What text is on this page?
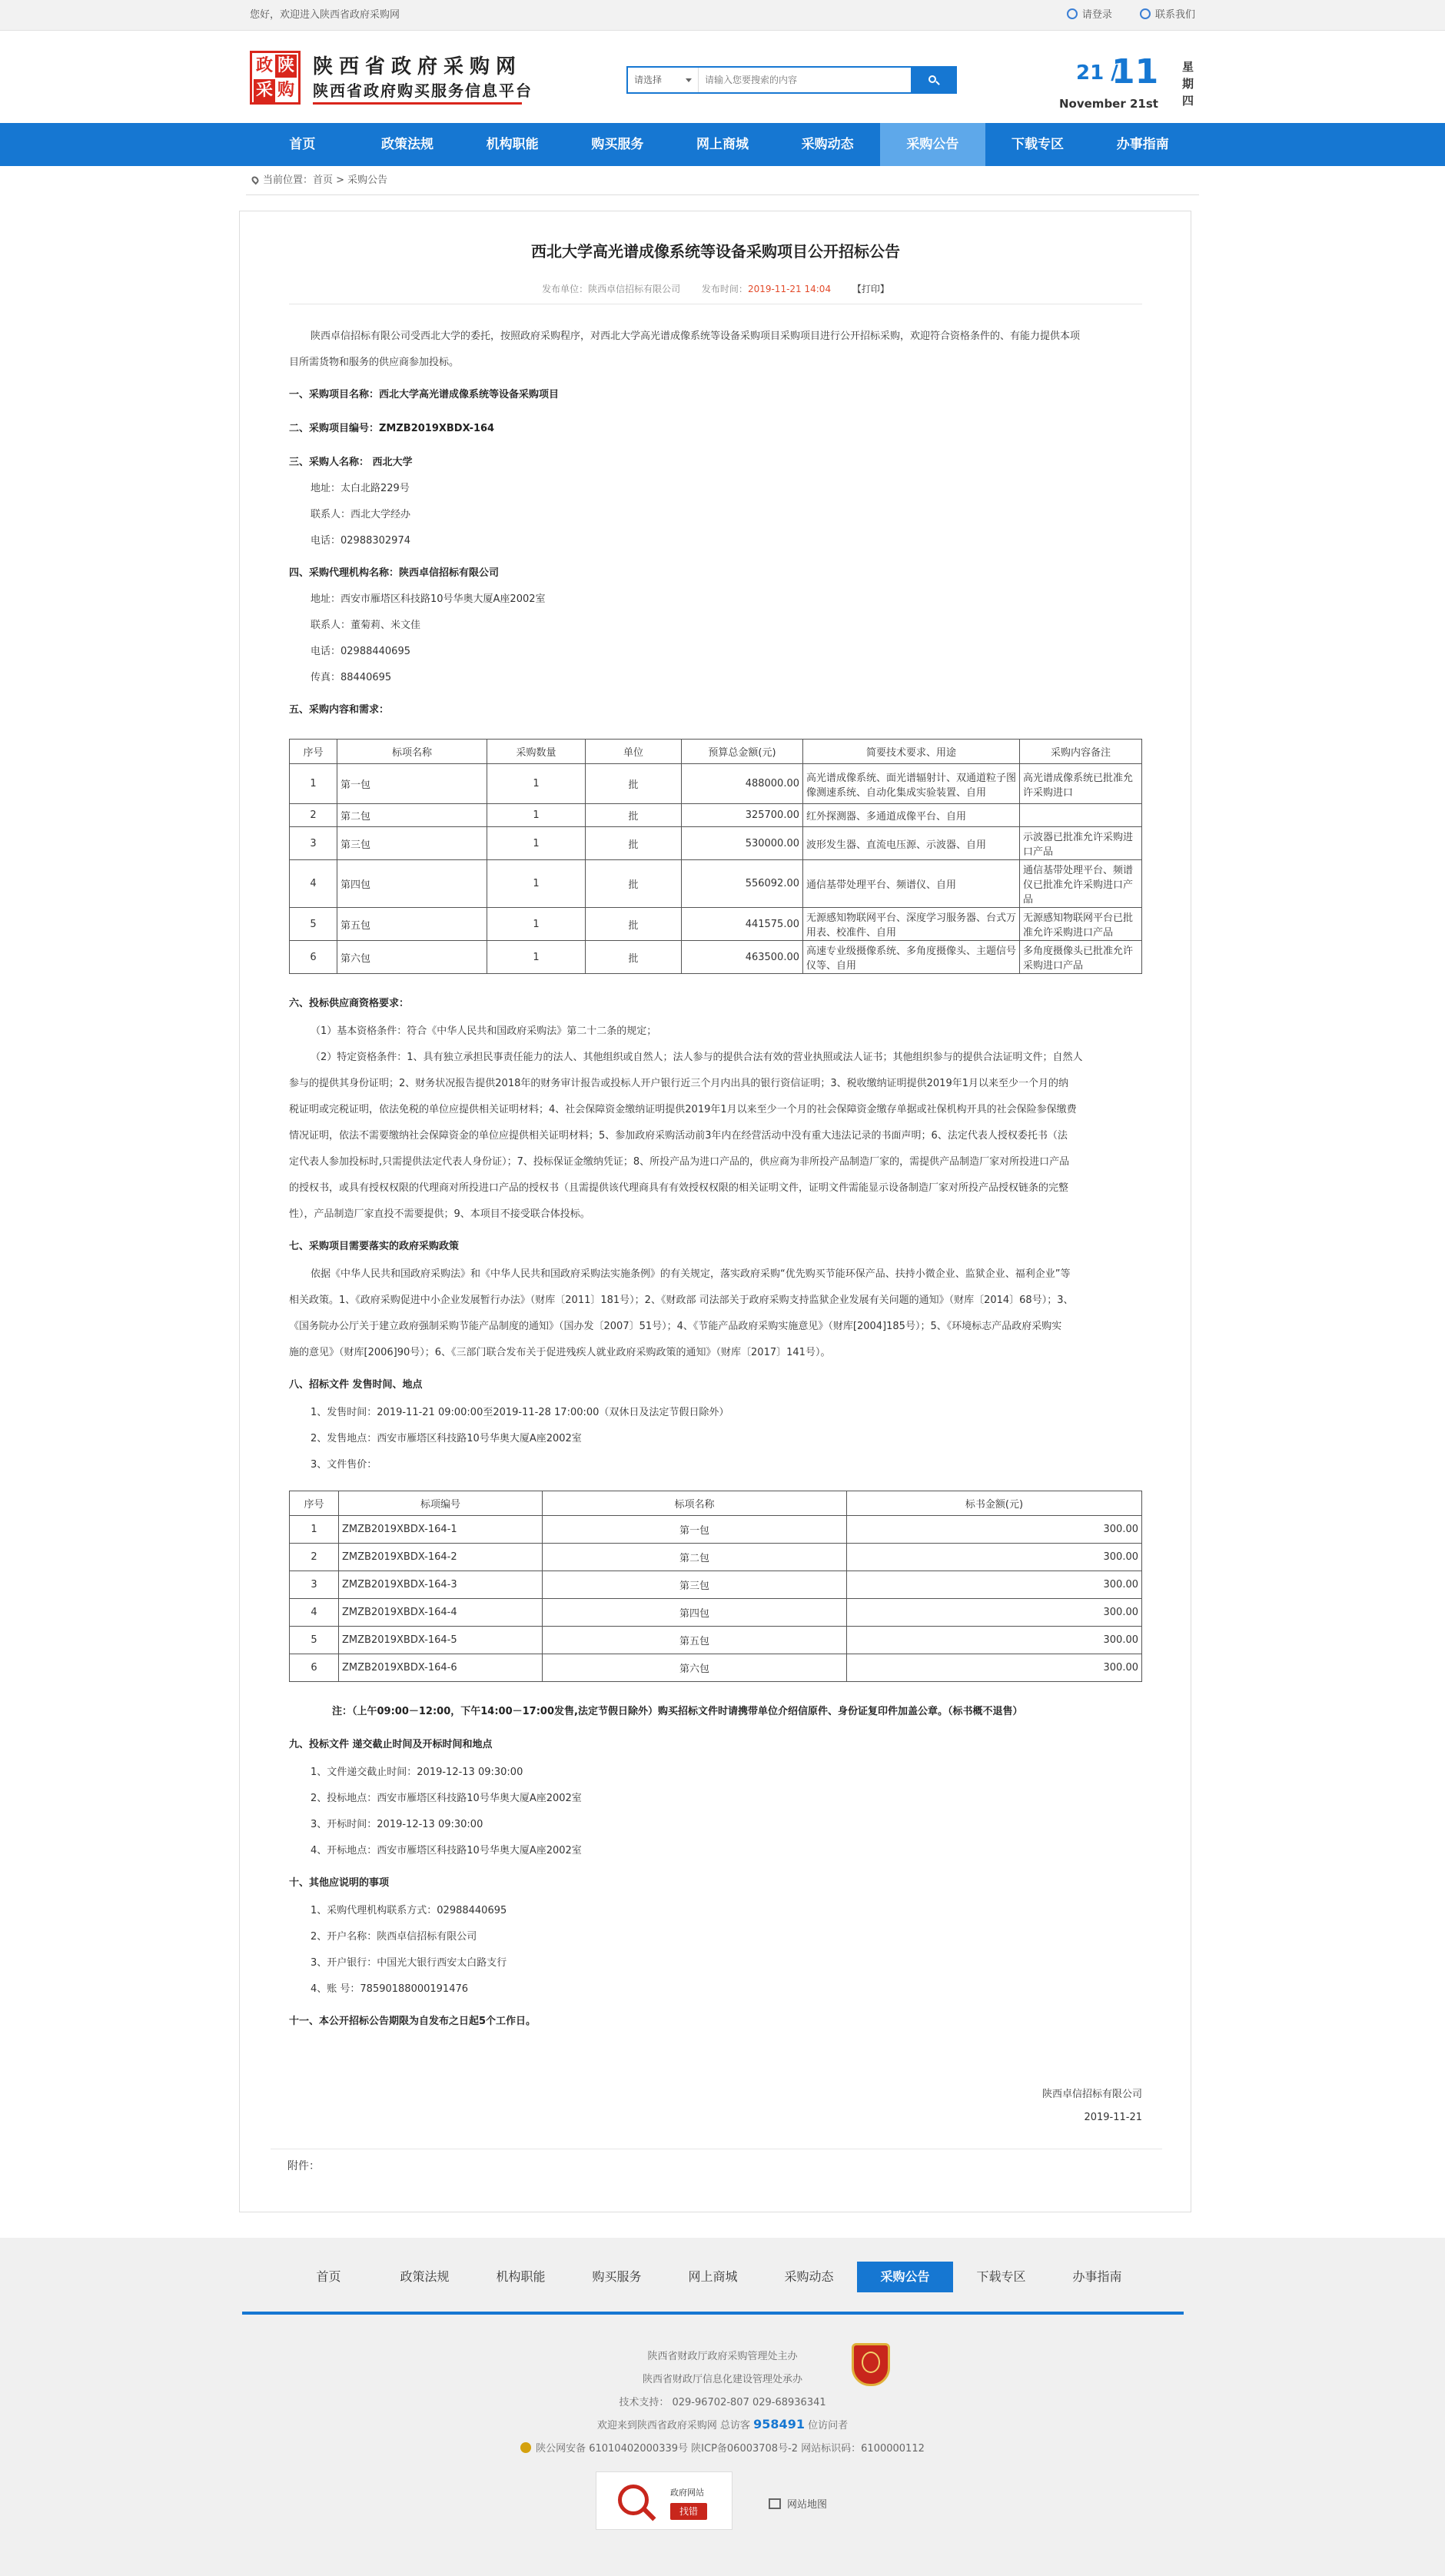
您好，欢迎进入陕西省政府采购网	请登录	联系我们
政 陕
采 购
陕西省政府采购网
陕西省政府购买服务信息平台
请选择
请输入您要搜索的内容	21 /
11
November 21st
星期四
首页	政策法规	机构职能	购买服务	网上商城	采购动态	采购公告	下载专区	办事指南
当前位置：首页 > 采购公告
西北大学高光谱成像系统等设备采购项目公开招标公告
发布单位：陕西卓信招标有限公司 发布时间：2019-11-21 14:04 【打印】
陕西卓信招标有限公司受西北大学的委托，按照政府采购程序，对西北大学高光谱成像系统等设备采购项目采购项目进行公开招标采购，欢迎符合资格条件的、有能力提供本项
目所需货物和服务的供应商参加投标。
一、采购项目名称：西北大学高光谱成像系统等设备采购项目
二、采购项目编号：ZMZB2019XBDX-164
三、采购人名称： 西北大学
地址：太白北路229号
联系人：西北大学经办
电话：02988302974
四、采购代理机构名称：陕西卓信招标有限公司
地址：西安市雁塔区科技路10号华奥大厦A座2002室
联系人：董菊莉、米文佳
电话：02988440695
传真：88440695
五、采购内容和需求：
序号	标项名称	采购数量	单位	预算总金额(元)	简要技术要求、用途	采购内容备注
1	第一包	1	批	488000.00	高光谱成像系统、面光谱辐射计、双通道粒子图像测速系统、自动化集成实验装置、自用	高光谱成像系统已批准允许采购进口
2	第二包	1	批	325700.00	红外探测器、多通道成像平台、自用	
3	第三包	1	批	530000.00	波形发生器、直流电压源、示波器、自用	示波器已批准允许采购进口产品
4	第四包	1	批	556092.00	通信基带处理平台、频谱仪、自用	通信基带处理平台、频谱仪已批准允许采购进口产品
5	第五包	1	批	441575.00	无源感知物联网平台、深度学习服务器、台式万用表、校准件、自用	无源感知物联网平台已批准允许采购进口产品
6	第六包	1	批	463500.00	高速专业级摄像系统、多角度摄像头、主题信号仪等、自用	多角度摄像头已批准允许采购进口产品
六、投标供应商资格要求：
（1）基本资格条件：符合《中华人民共和国政府采购法》第二十二条的规定；
（2）特定资格条件：1、具有独立承担民事责任能力的法人、其他组织或自然人；法人参与的提供合法有效的营业执照或法人证书；其他组织参与的提供合法证明文件；自然人
参与的提供其身份证明；2、财务状况报告提供2018年的财务审计报告或投标人开户银行近三个月内出具的银行资信证明；3、税收缴纳证明提供2019年1月以来至少一个月的纳
税证明或完税证明，依法免税的单位应提供相关证明材料；4、社会保障资金缴纳证明提供2019年1月以来至少一个月的社会保障资金缴存单据或社保机构开具的社会保险参保缴费
情况证明，依法不需要缴纳社会保障资金的单位应提供相关证明材料；5、参加政府采购活动前3年内在经营活动中没有重大违法记录的书面声明；6、法定代表人授权委托书（法
定代表人参加投标时,只需提供法定代表人身份证）；7、投标保证金缴纳凭证；8、所投产品为进口产品的，供应商为非所投产品制造厂家的，需提供产品制造厂家对所投进口产品
的授权书，或具有授权权限的代理商对所投进口产品的授权书（且需提供该代理商具有有效授权权限的相关证明文件，证明文件需能显示设备制造厂家对所投产品授权链条的完整
性），产品制造厂家直投不需要提供；9、本项目不接受联合体投标。
七、采购项目需要落实的政府采购政策
依据《中华人民共和国政府采购法》和《中华人民共和国政府采购法实施条例》的有关规定，落实政府采购“优先购买节能环保产品、扶持小微企业、监狱企业、福利企业”等
相关政策。1、《政府采购促进中小企业发展暂行办法》（财库〔2011〕181号）；2、《财政部 司法部关于政府采购支持监狱企业发展有关问题的通知》（财库〔2014〕68号）；3、
《国务院办公厅关于建立政府强制采购节能产品制度的通知》（国办发〔2007〕51号）；4、《节能产品政府采购实施意见》（财库[2004]185号）；5、《环境标志产品政府采购实
施的意见》（财库[2006]90号）；6、《三部门联合发布关于促进残疾人就业政府采购政策的通知》（财库〔2017〕141号）。
八、招标文件 发售时间、地点
1、发售时间：2019-11-21 09:00:00至2019-11-28 17:00:00（双休日及法定节假日除外）
2、发售地点：西安市雁塔区科技路10号华奥大厦A座2002室
3、文件售价：
序号	标项编号	标项名称	标书金额(元)
1	ZMZB2019XBDX-164-1	第一包	300.00
2	ZMZB2019XBDX-164-2	第二包	300.00
3	ZMZB2019XBDX-164-3	第三包	300.00
4	ZMZB2019XBDX-164-4	第四包	300.00
5	ZMZB2019XBDX-164-5	第五包	300.00
6	ZMZB2019XBDX-164-6	第六包	300.00
注：（上午09:00－12:00，下午14:00－17:00发售,法定节假日除外）购买招标文件时请携带单位介绍信原件、身份证复印件加盖公章。（标书概不退售）
九、投标文件 递交截止时间及开标时间和地点
1、文件递交截止时间：2019-12-13 09:30:00
2、投标地点：西安市雁塔区科技路10号华奥大厦A座2002室
3、开标时间：2019-12-13 09:30:00
4、开标地点：西安市雁塔区科技路10号华奥大厦A座2002室
十、其他应说明的事项
1、采购代理机构联系方式：02988440695
2、开户名称：陕西卓信招标有限公司
3、开户银行：中国光大银行西安太白路支行
4、账 号：78590188000191476
十一、本公开招标公告期限为自发布之日起5个工作日。
陕西卓信招标有限公司
2019-11-21
附件：
首页	政策法规	机构职能	购买服务	网上商城	采购动态	采购公告	下载专区	办事指南
陕西省财政厅政府采购管理处主办
陕西省财政厅信息化建设管理处承办
技术支持： 029-96702-807 029-68936341
欢迎来到陕西省政府采购网 总访客 958491 位访问者
陕公网安备 61010402000339号 陕ICP备06003708号-2 网站标识码：6100000112
政府网站
找错
网站地图
